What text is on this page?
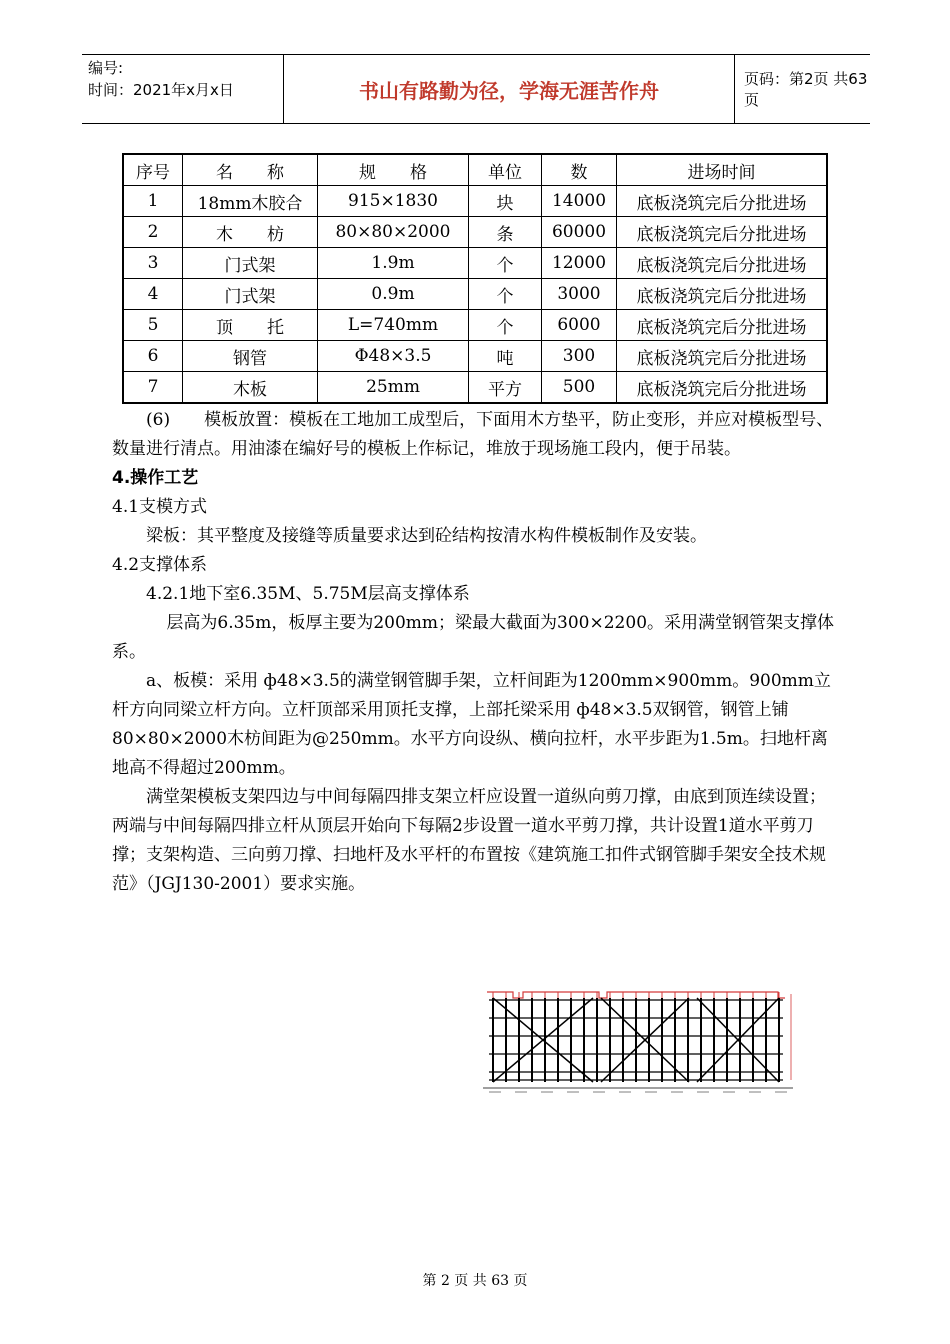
编号:
时间：2021年x月x日	书山有路勤为径，学海无涯苦作舟	页码：第2页 共63页
序号	名　　称	规　　格	单位	数	进场时间
1	18mm木胶合	915×1830	块	14000	底板浇筑完后分批进场
2	木　　枋	80×80×2000	条	60000	底板浇筑完后分批进场
3	门式架	1.9m	个	12000	底板浇筑完后分批进场
4	门式架	0.9m	个	3000	底板浇筑完后分批进场
5	顶　　托	L=740mm	个	6000	底板浇筑完后分批进场
6	钢管	Φ48×3.5	吨	300	底板浇筑完后分批进场
7	木板	25mm	平方	500	底板浇筑完后分批进场

(6)　　模板放置：模板在工地加工成型后，下面用木方垫平，防止变形，并应对模板型号、数量进行清点。用油漆在编好号的模板上作标记，堆放于现场施工段内，便于吊装。

4.操作工艺

4.1支模方式

梁板：其平整度及接缝等质量要求达到砼结构按清水构件模板制作及安装。

4.2支撑体系

4.2.1地下室6.35M、5.75M层高支撑体系

层高为6.35m，板厚主要为200mm；梁最大截面为300×2200。采用满堂钢管架支撑体系。

a、板模：采用 ф48×3.5的满堂钢管脚手架，立杆间距为1200mm×900mm。900mm立杆方向同梁立杆方向。立杆顶部采用顶托支撑，上部托梁采用 ф48×3.5双钢管，钢管上铺80×80×2000木枋间距为@250mm。水平方向设纵、横向拉杆，水平步距为1.5m。扫地杆离地高不得超过200mm。

满堂架模板支架四边与中间每隔四排支架立杆应设置一道纵向剪刀撑，由底到顶连续设置；两端与中间每隔四排立杆从顶层开始向下每隔2步设置一道水平剪刀撑，共计设置1道水平剪刀撑；支架构造、三向剪刀撑、扫地杆及水平杆的布置按《建筑施工扣件式钢管脚手架安全技术规范》（JGJ130-2001）要求实施。

第 2 页 共 63 页
